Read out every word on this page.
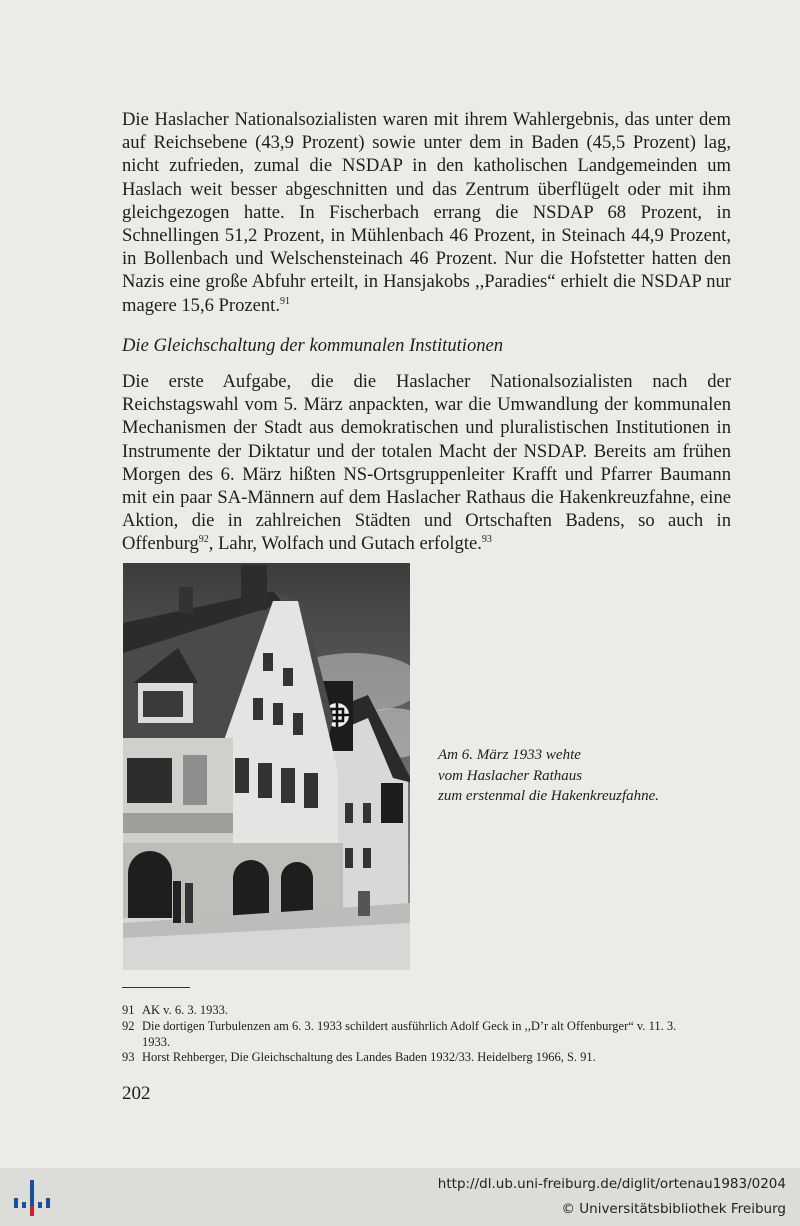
Die Haslacher Nationalsozialisten waren mit ihrem Wahlergebnis, das unter dem auf Reichsebene (43,9 Prozent) sowie unter dem in Baden (45,5 Prozent) lag, nicht zufrieden, zumal die NSDAP in den katholischen Landgemeinden um Haslach weit besser abgeschnitten und das Zentrum überflügelt oder mit ihm gleichgezogen hatte. In Fischerbach errang die NSDAP 68 Prozent, in Schnellingen 51,2 Prozent, in Mühlenbach 46 Prozent, in Steinach 44,9 Prozent, in Bollenbach und Welschensteinach 46 Prozent. Nur die Hofstetter hatten den Nazis eine große Abfuhr erteilt, in Hansjakobs ,,Paradies“ erhielt die NSDAP nur magere 15,6 Prozent.$^{91}$

Die Gleichschaltung der kommunalen Institutionen

Die erste Aufgabe, die die Haslacher Nationalsozialisten nach der Reichstagswahl vom 5. März anpackten, war die Umwandlung der kommunalen Mechanismen der Stadt aus demokratischen und pluralistischen Institutionen in Instrumente der Diktatur und der totalen Macht der NSDAP. Bereits am frühen Morgen des 6. März hißten NS-Ortsgruppenleiter Krafft und Pfarrer Baumann mit ein paar SA-Männern auf dem Haslacher Rathaus die Hakenkreuzfahne, eine Aktion, die in zahlreichen Städten und Ortschaften Badens, so auch in Offenburg$^{92}$, Lahr, Wolfach und Gutach erfolgte.$^{93}$

Am 6. März 1933 wehte
vom Haslacher Rathaus
zum erstenmal die Hakenkreuzfahne.
91 AK v. 6. 3. 1933.
92 Die dortigen Turbulenzen am 6. 3. 1933 schildert ausführlich Adolf Geck in ,,D’r alt Offenburger“ v. 11. 3.
1933.
93 Horst Rehberger, Die Gleichschaltung des Landes Baden 1932/33. Heidelberg 1966, S. 91.
202
http://dl.ub.uni-freiburg.de/diglit/ortenau1983/0204
© Universitätsbibliothek Freiburg
